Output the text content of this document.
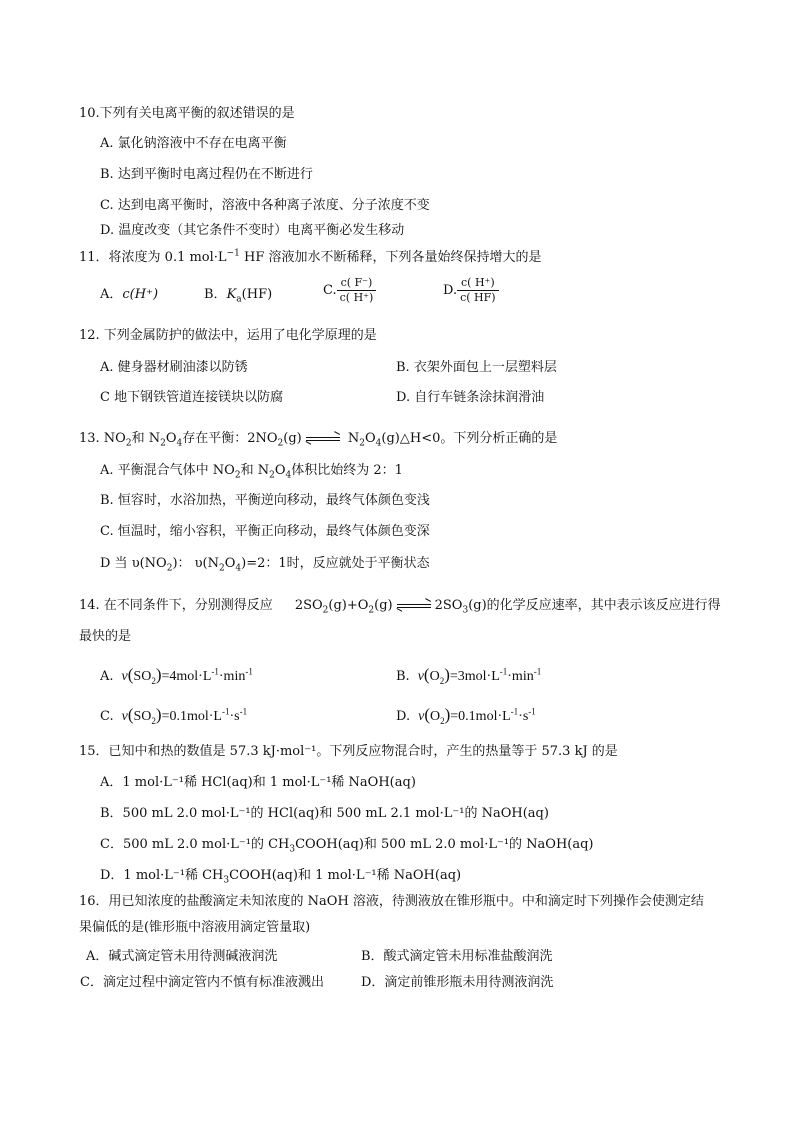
10.下列有关电离平衡的叙述错误的是
A. 氯化钠溶液中不存在电离平衡
B. 达到平衡时电离过程仍在不断进行
C. 达到电离平衡时，溶液中各种离子浓度、分子浓度不变
D. 温度改变（其它条件不变时）电离平衡必发生移动
11．将浓度为 0.1 $mol\cdot L^{-1}$ HF 溶液加水不断稀释，下列各量始终保持增大的是
A．c(H⁺)	B．$K_a(HF)$	C. $\frac{c( F^-)}{c( H^+)}$	D. $\frac{c( H^+)}{c( HF)}$
12. 下列金属防护的做法中，运用了电化学原理的是
A. 健身器材刷油漆以防锈	B. 衣架外面包上一层塑料层
C 地下钢铁管道连接镁块以防腐	D. 自行车链条涂抹润滑油
13. $NO_2$和 $N_2O_4$存在平衡：$2NO_2(g)$	$N_2O_4(g)\triangle H<0$。下列分析正确的是
A. 平衡混合气体中 $NO_2$和 $N_2O_4$体积比始终为 2：1
B. 恒容时，水浴加热，平衡逆向移动，最终气体颜色变浅
C. 恒温时，缩小容积，平衡正向移动，最终气体颜色变深
D 当 $\upsilon(NO_2)$： $\upsilon(N_2O_4)=2$：1时，反应就处于平衡状态
14. 在不同条件下，分别测得反应 $2SO_2(g)+O_2(g)$	$2SO_3(g)$的化学反应速率，其中表示该反应进行得
最快的是
A. $\nu(SO_2)=4mol\cdot L^{-1}\cdot\min^{-1}$	B. $\nu(O_2)=3mol\cdot L^{-1}\cdot\min^{-1}$
C. $\nu(SO_2)=0.1mol\cdot L^{-1}\cdot s^{-1}$	D. $\nu(O_2)=0.1mol\cdot L^{-1}\cdot s^{-1}$
15．已知中和热的数值是 57.3 kJ·mol⁻¹。下列反应物混合时，产生的热量等于 57.3 kJ 的是
A．1 mol·L⁻¹稀 HCl(aq)和 1 mol·L⁻¹稀 NaOH(aq)
B．500 mL 2.0 mol·L⁻¹的 HCl(aq)和 500 mL 2.1 mol·L⁻¹的 NaOH(aq)
C．500 mL 2.0 mol·L⁻¹的 $CH_3COOH(aq)$和 500 mL 2.0 mol·L⁻¹的 NaOH(aq)
D．1 mol·L⁻¹稀 $CH_3COOH(aq)$和 1 mol·L⁻¹稀 NaOH(aq)
16．用已知浓度的盐酸滴定未知浓度的 NaOH 溶液，待测液放在锥形瓶中。中和滴定时下列操作会使测定结
果偏低的是(锥形瓶中溶液用滴定管量取)
A．碱式滴定管未用待测碱液润洗	B．酸式滴定管未用标准盐酸润洗
C．滴定过程中滴定管内不慎有标准液溅出	D．滴定前锥形瓶未用待测液润洗
